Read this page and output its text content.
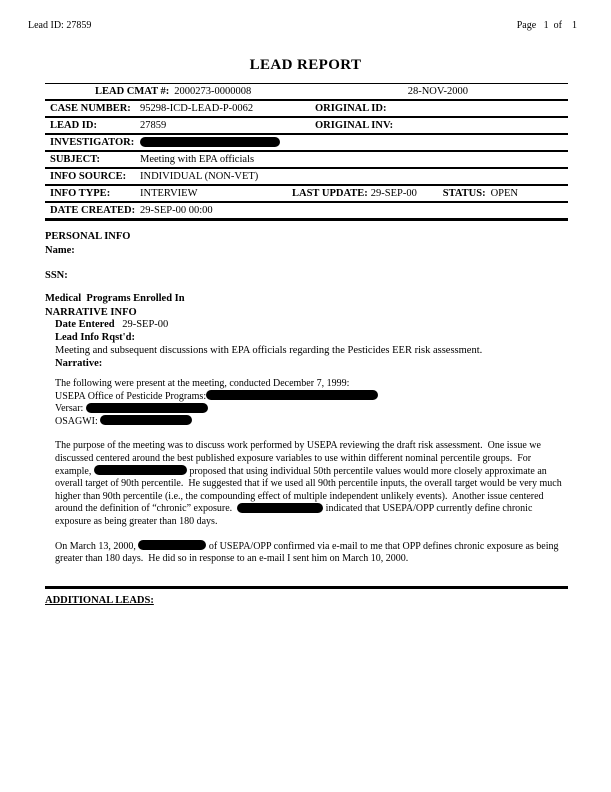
Lead ID: 27859	Page   1  of    1
LEAD REPORT
LEAD CMAT #: 2000273-0000008	28-NOV-2000
CASE NUMBER: 95298-ICD-LEAD-P-0062	ORIGINAL ID:
LEAD ID:	27859	ORIGINAL INV:
INVESTIGATOR:
SUBJECT:	Meeting with EPA officials
INFO SOURCE:	INDIVIDUAL (NON-VET)
INFO TYPE:	INTERVIEW	LAST UPDATE: 29-SEP-00 STATUS: OPEN
DATE CREATED: 29-SEP-00 00:00
PERSONAL INFO
Name:
SSN:
Medical  Programs Enrolled In
NARRATIVE INFO
Date Entered 29-SEP-00
Lead Info Rqst'd:
Meeting and subsequent discussions with EPA officials regarding the Pesticides EER risk assessment.
Narrative:

The following were present at the meeting, conducted December 7, 1999:

USEPA Office of Pesticide Programs:

Versar:

OSAGWI:

The purpose of the meeting was to discuss work performed by USEPA reviewing the draft risk assessment.  One issue we discussed centered around the best published exposure variables to use within different nominal percentile groups.  For example,	proposed that using individual 50th percentile values would more closely approximate an overall target of 90th percentile.  He suggested that if we used all 90th percentile inputs, the overall target would be very much higher than 90th percentile (i.e., the compounding effect of multiple independent unlikely events).  Another issue centered around the definition of “chronic” exposure.	indicated that USEPA/OPP currently define chronic exposure as being greater than 180 days.

On March 13, 2000,	of USEPA/OPP confirmed via e-mail to me that OPP defines chronic exposure as being greater than 180 days.  He did so in response to an e-mail I sent him on March 10, 2000.

ADDITIONAL LEADS:
